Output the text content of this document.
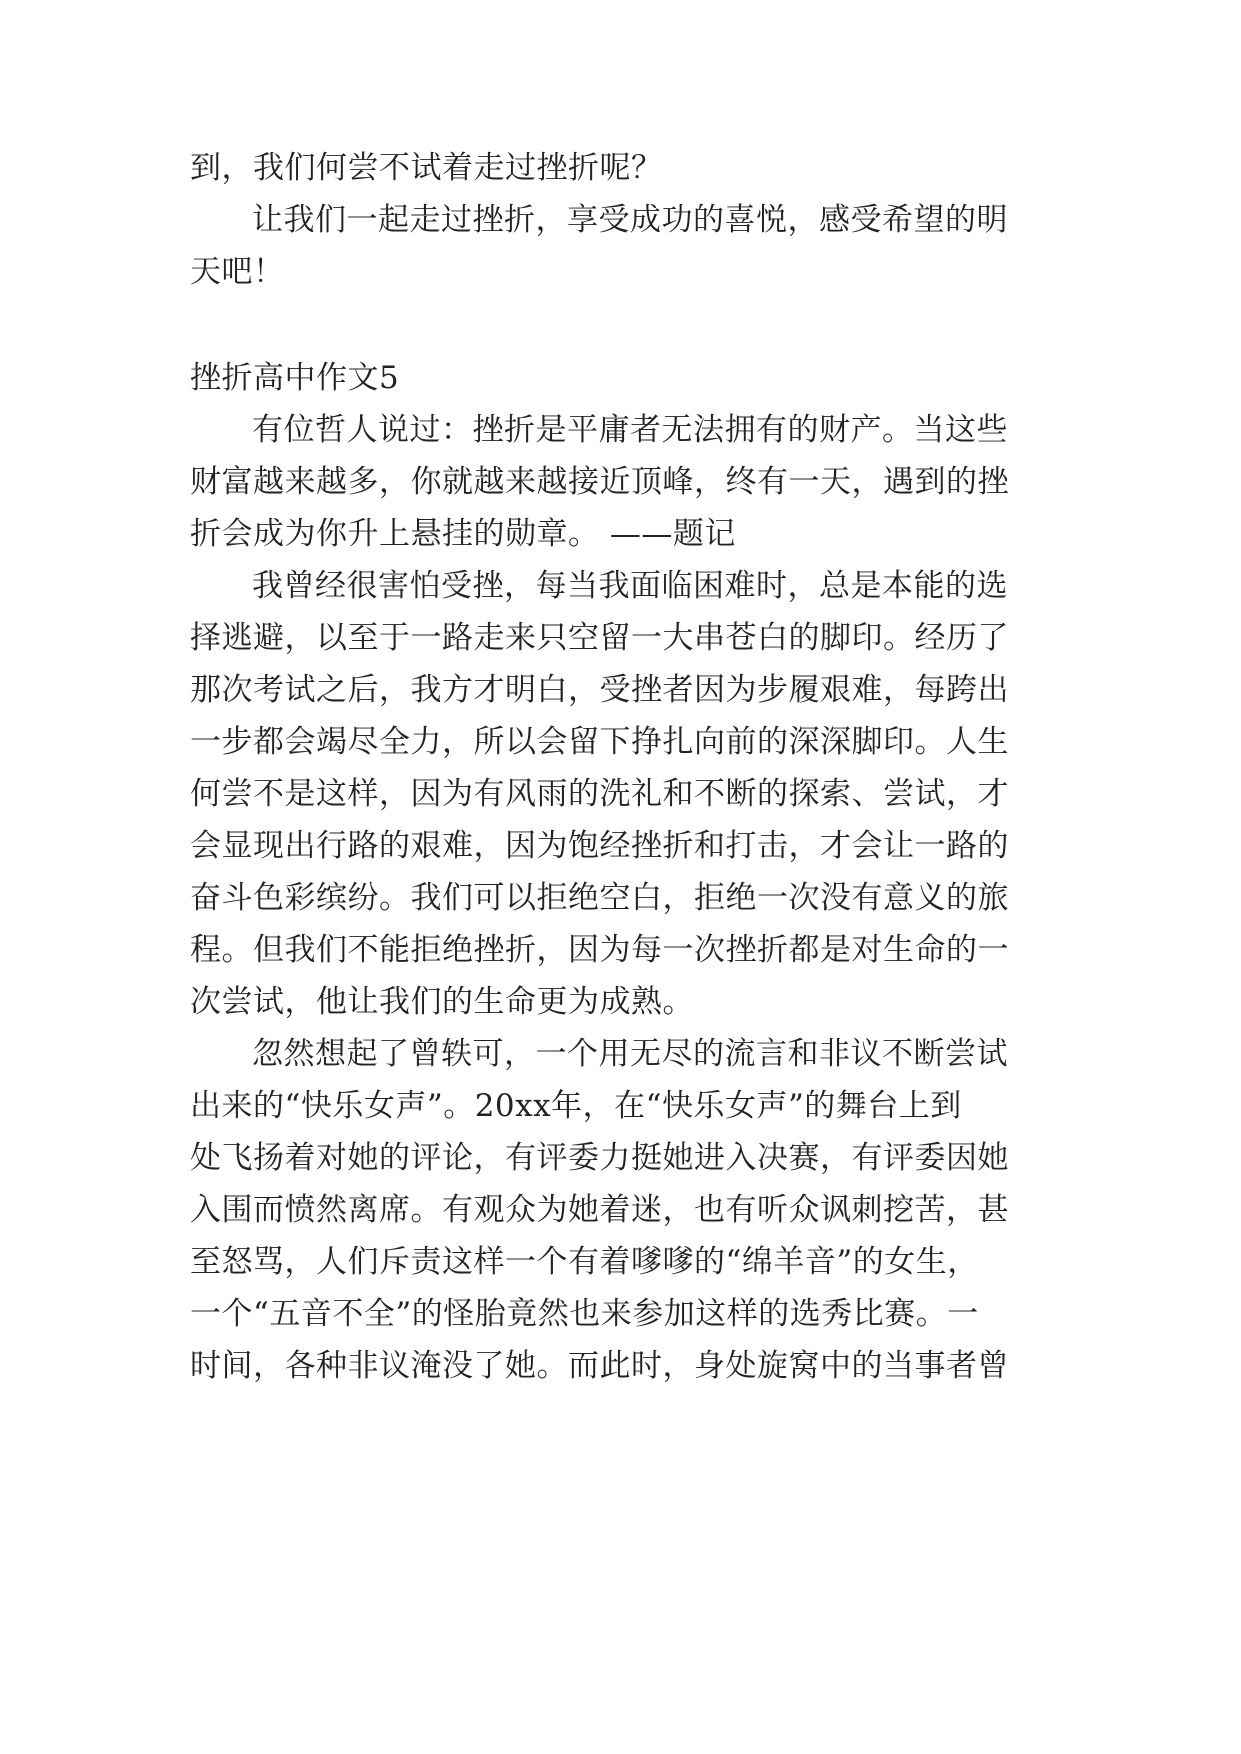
到，我们何尝不试着走过挫折呢？
让我们一起走过挫折，享受成功的喜悦，感受希望的明
天吧！
挫折高中作文5
有位哲人说过：挫折是平庸者无法拥有的财产。当这些
财富越来越多，你就越来越接近顶峰，终有一天，遇到的挫
折会成为你升上悬挂的勋章。 ——题记
我曾经很害怕受挫，每当我面临困难时，总是本能的选
择逃避，以至于一路走来只空留一大串苍白的脚印。经历了
那次考试之后，我方才明白，受挫者因为步履艰难，每跨出
一步都会竭尽全力，所以会留下挣扎向前的深深脚印。人生
何尝不是这样，因为有风雨的洗礼和不断的探索、尝试，才
会显现出行路的艰难，因为饱经挫折和打击，才会让一路的
奋斗色彩缤纷。我们可以拒绝空白，拒绝一次没有意义的旅
程。但我们不能拒绝挫折，因为每一次挫折都是对生命的一
次尝试，他让我们的生命更为成熟。
忽然想起了曾轶可，一个用无尽的流言和非议不断尝试
出来的“快乐女声”。20xx年，在“快乐女声”的舞台上到
处飞扬着对她的评论，有评委力挺她进入决赛，有评委因她
入围而愤然离席。有观众为她着迷，也有听众讽刺挖苦，甚
至怒骂，人们斥责这样一个有着嗲嗲的“绵羊音”的女生，
一个“五音不全”的怪胎竟然也来参加这样的选秀比赛。一
时间，各种非议淹没了她。而此时，身处旋窝中的当事者曾
